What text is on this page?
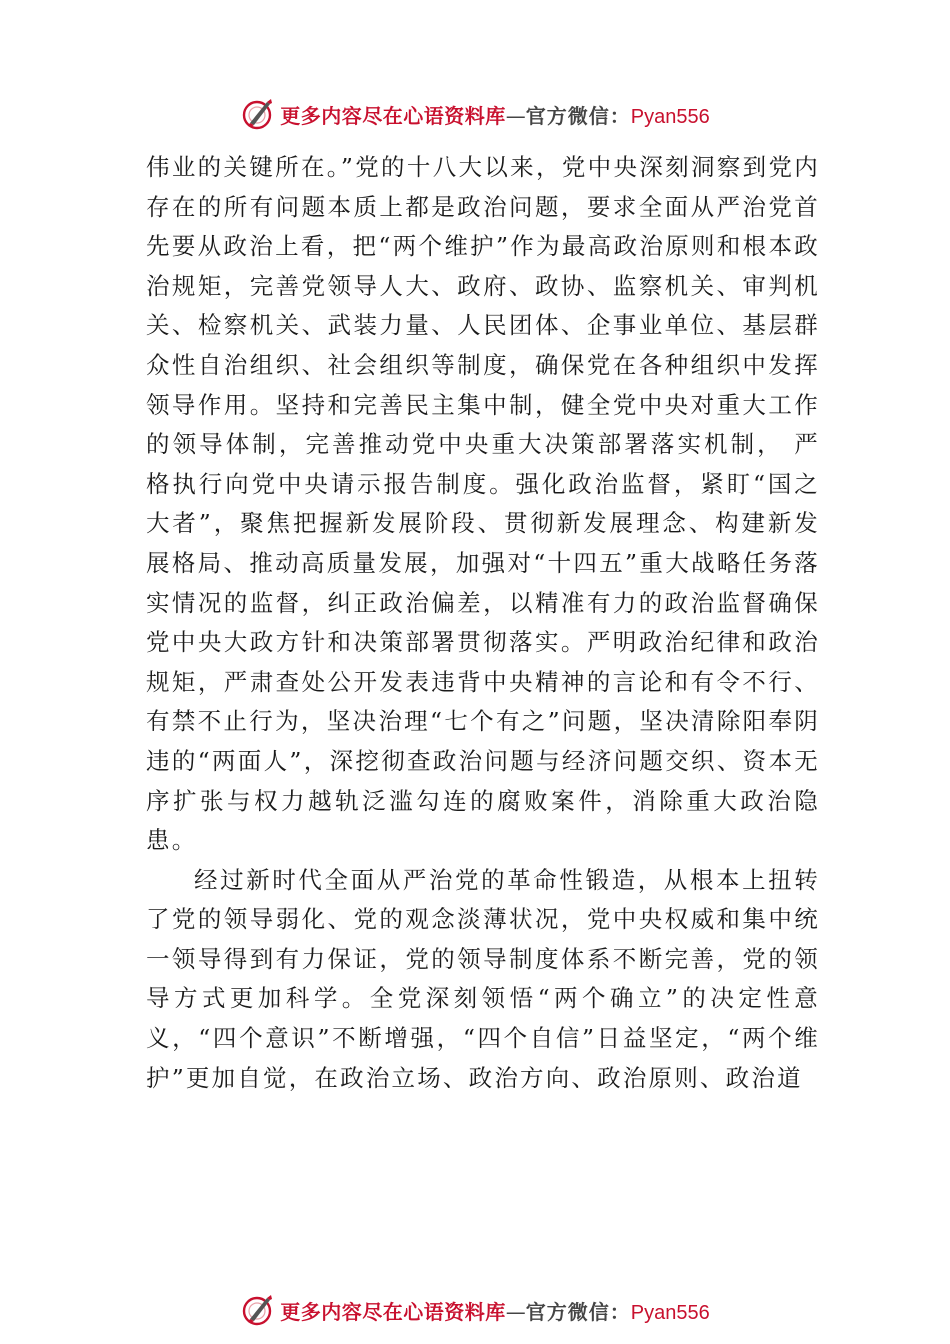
更多内容尽在心语资料库 — 官方微信： Pyan556

伟业的关键所在。”党的十八大以来，党中央深刻洞察到党内存在的所有问题本质上都是政治问题，要求全面从严治党首先要从政治上看，把“两个维护”作为最高政治原则和根本政治规矩，完善党领导人大、政府、政协、监察机关、审判机关、检察机关、武装力量、人民团体、企事业单位、基层群众性自治组织、社会组织等制度，确保党在各种组织中发挥领导作用。坚持和完善民主集中制，健全党中央对重大工作的领导体制，完善推动党中央重大决策部署落实机制， 严格执行向党中央请示报告制度。强化政治监督，紧盯“国之大者”，聚焦把握新发展阶段、贯彻新发展理念、构建新发展格局、推动高质量发展，加强对“十四五”重大战略任务落实情况的监督，纠正政治偏差，以精准有力的政治监督确保党中央大政方针和决策部署贯彻落实。严明政治纪律和政治规矩，严肃查处公开发表违背中央精神的言论和有令不行、有禁不止行为，坚决治理“七个有之”问题，坚决清除阳奉阴违的“两面人”，深挖彻查政治问题与经济问题交织、资本无序扩张与权力越轨泛滥勾连的腐败案件，消除重大政治隐患。

经过新时代全面从严治党的革命性锻造，从根本上扭转了党的领导弱化、党的观念淡薄状况，党中央权威和集中统一领导得到有力保证，党的领导制度体系不断完善，党的领导方式更加科学。全党深刻领悟“两个确立”的决定性意义，“四个意识”不断增强，“四个自信”日益坚定，“两个维护”更加自觉，在政治立场、政治方向、政治原则、政治道

更多内容尽在心语资料库 — 官方微信： Pyan556
